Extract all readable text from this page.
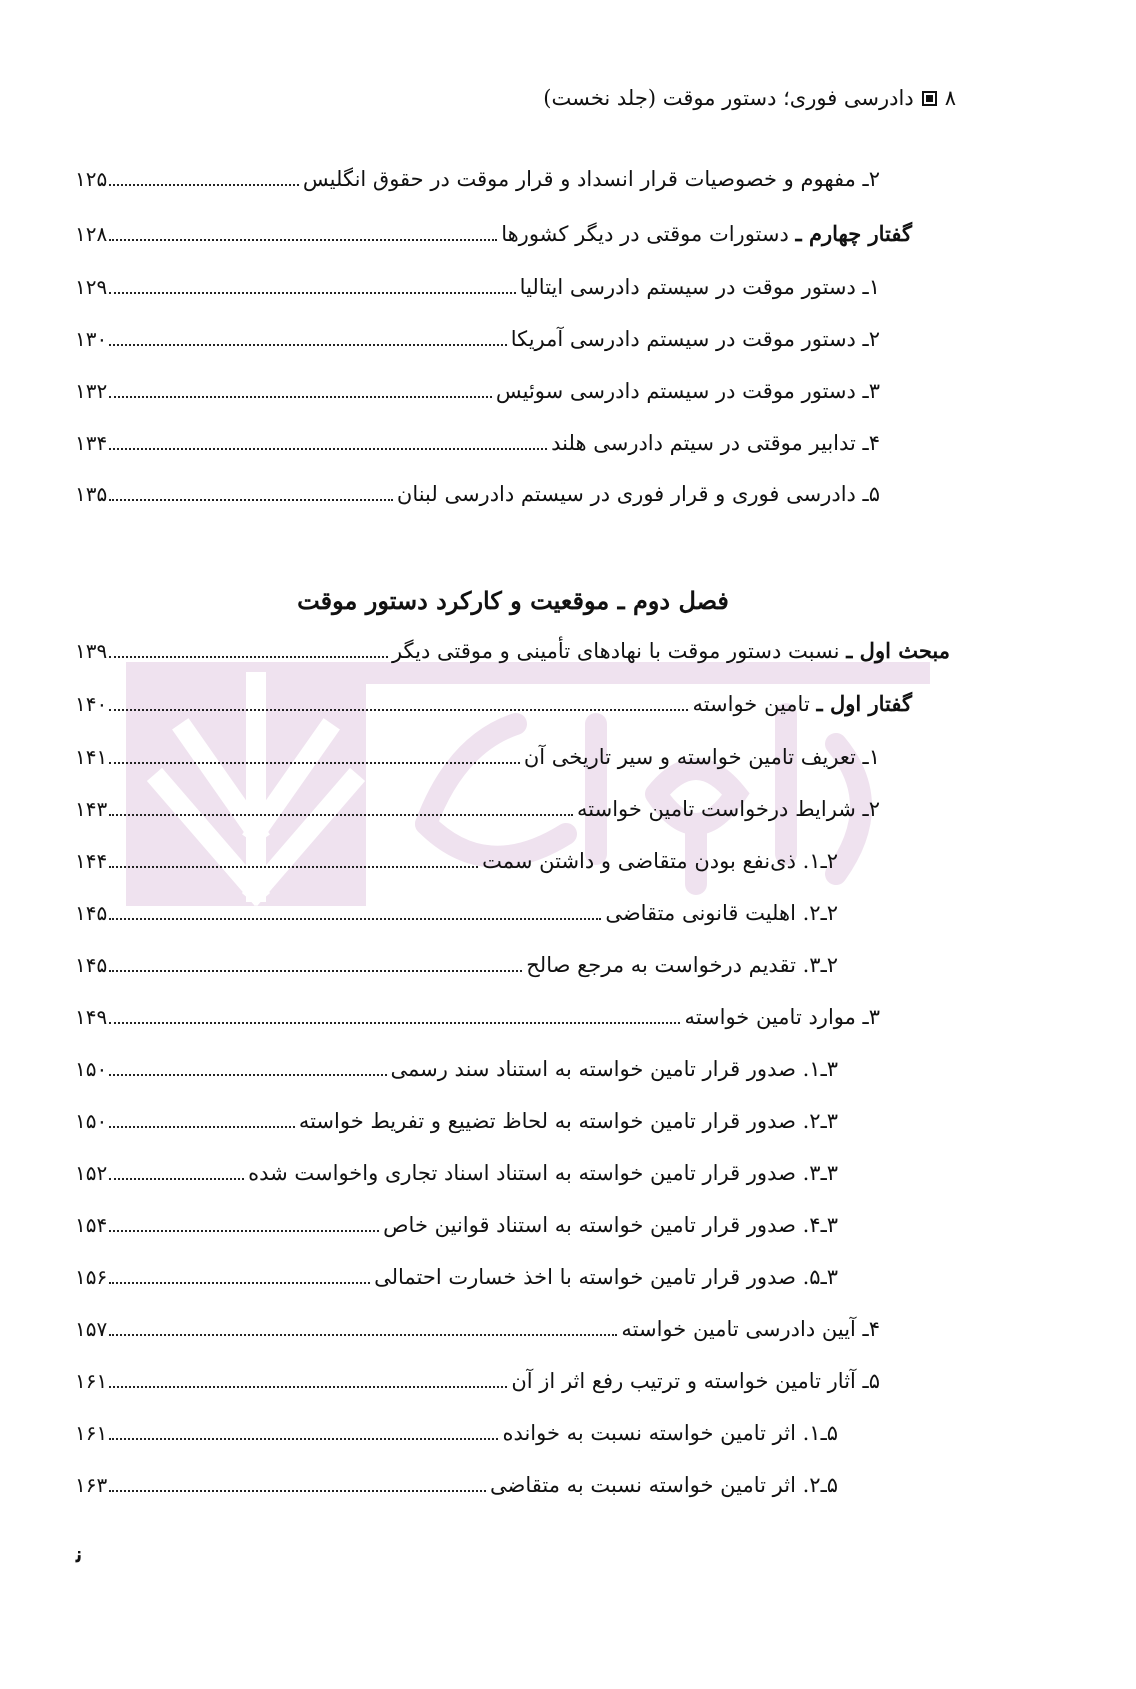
۸
دادرسی فوری؛ دستور موقت (جلد نخست)
۲ـ مفهوم و خصوصیات قرار انسداد و قرار موقت در حقوق انگلیس
۱۲۵
گفتار چهارم ـ دستورات موقتی در دیگر کشورها
۱۲۸
۱ـ دستور موقت در سیستم دادرسی ایتالیا
۱۲۹
۲ـ دستور موقت در سیستم دادرسی آمریکا
۱۳۰
۳ـ دستور موقت در سیستم دادرسی سوئیس
۱۳۲
۴ـ تدابیر موقتی در سیتم دادرسی هلند
۱۳۴
۵ـ دادرسی فوری و قرار فوری در سیستم دادرسی لبنان
۱۳۵
فصل دوم ـ موقعیت و کارکرد دستور موقت
مبحث اول ـ نسبت دستور موقت با نهادهای تأمینی و موقتی دیگر
۱۳۹
گفتار اول ـ تامین خواسته
۱۴۰
۱ـ تعریف تامین خواسته و سیر تاریخی آن
۱۴۱
۲ـ شرایط درخواست تامین خواسته
۱۴۳
۲ـ۱. ذی‌نفع بودن متقاضی و داشتن سمت
۱۴۴
۲ـ۲. اهلیت قانونی متقاضی
۱۴۵
۲ـ۳. تقدیم درخواست به مرجع صالح
۱۴۵
۳ـ موارد تامین خواسته
۱۴۹
۳ـ۱. صدور قرار تامین خواسته به استناد سند رسمی
۱۵۰
۳ـ۲. صدور قرار تامین خواسته به لحاظ تضییع و تفریط خواسته
۱۵۰
۳ـ۳. صدور قرار تامین خواسته به استناد اسناد تجاری واخواست شده
۱۵۲
۳ـ۴. صدور قرار تامین خواسته به استناد قوانین خاص
۱۵۴
۳ـ۵. صدور قرار تامین خواسته با اخذ خسارت احتمالی
۱۵۶
۴ـ آیین دادرسی تامین خواسته
۱۵۷
۵ـ آثار تامین خواسته و ترتیب رفع اثر از آن
۱۶۱
۵ـ۱. اثر تامین خواسته نسبت به خوانده
۱۶۱
۵ـ۲. اثر تامین خواسته نسبت به متقاضی
۱۶۳
ﻧ
